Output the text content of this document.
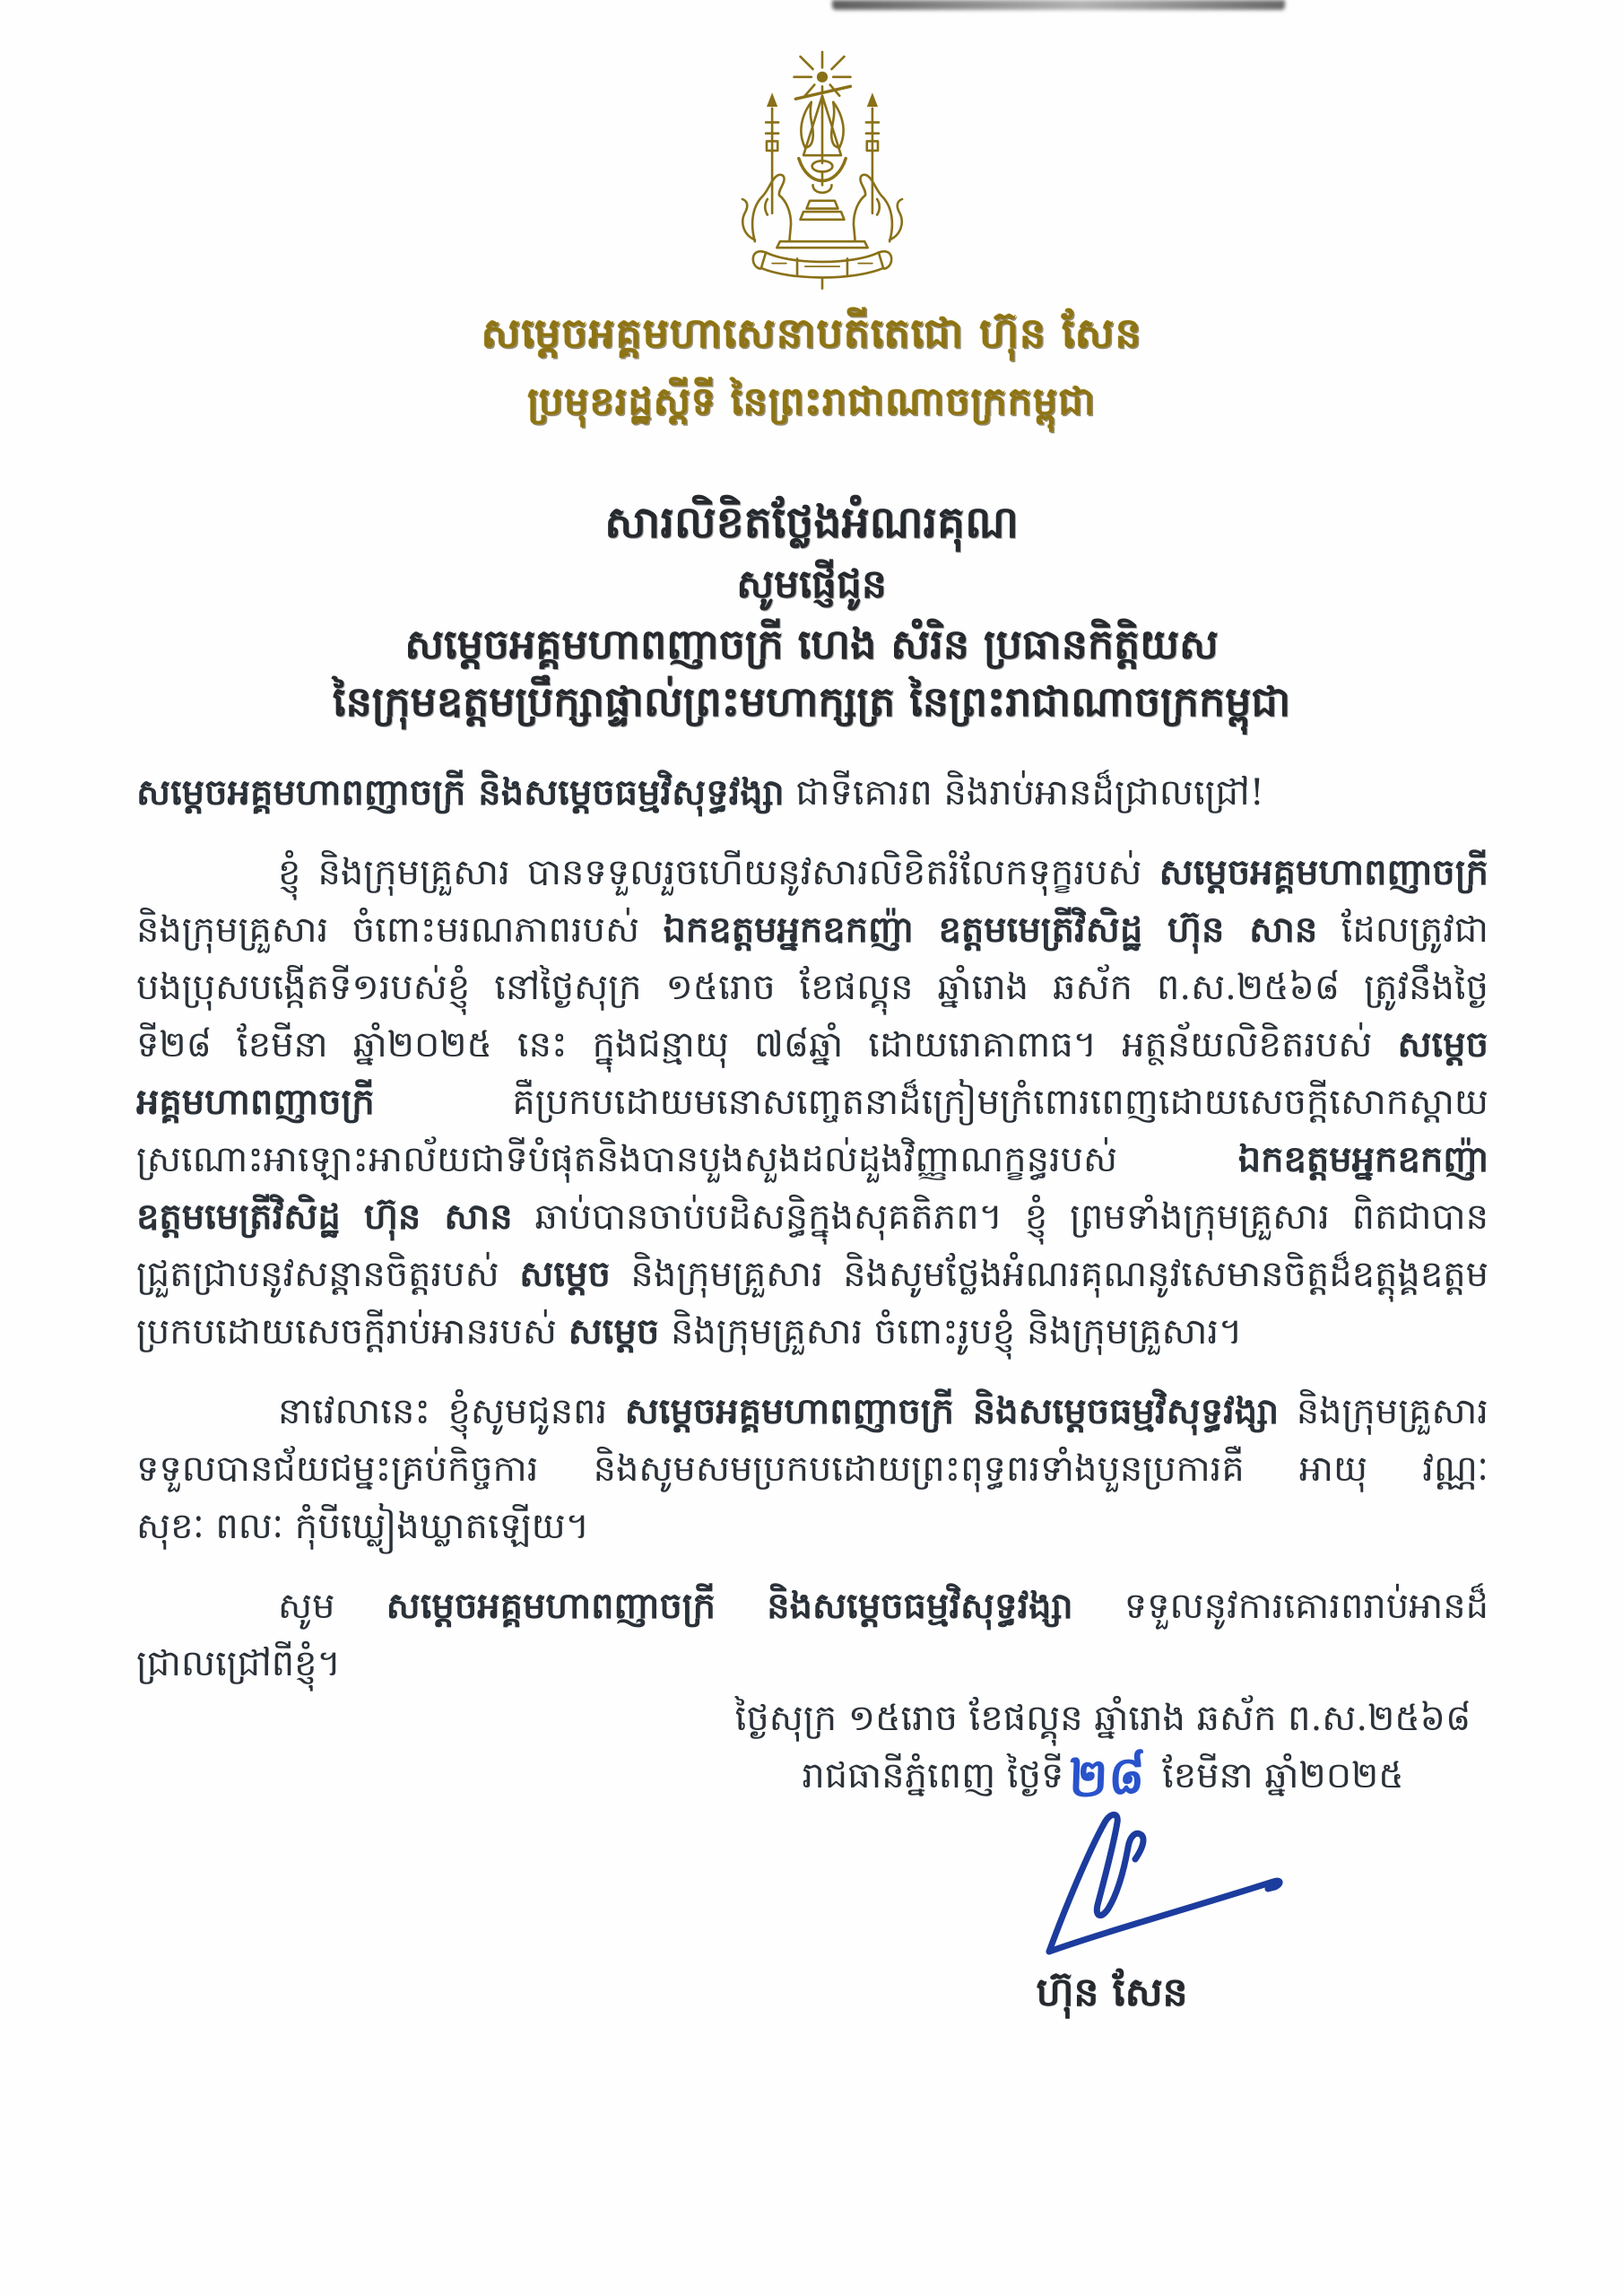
សម្តេចអគ្គមហាសេនាបតីតេជោ ហ៊ុន សែន
ប្រមុខរដ្ឋស្តីទី នៃព្រះរាជាណាចក្រកម្ពុជា
សារលិខិតថ្លែងអំណរគុណ
សូមផ្ញើជូន
សម្តេចអគ្គមហាពញាចក្រី ហេង សំរិន ប្រធានកិត្តិយស
នៃក្រុមឧត្តមប្រឹក្សាផ្ទាល់ព្រះមហាក្សត្រ នៃព្រះរាជាណាចក្រកម្ពុជា
សម្តេចអគ្គមហាពញាចក្រី និងសម្តេចធម្មវិសុទ្ធវង្សា ជាទីគោរព និងរាប់អានដ៏ជ្រាលជ្រៅ!
ខ្ញុំ និងក្រុមគ្រួសារ បានទទួលរួចហើយនូវសារលិខិតរំលែកទុក្ខរបស់ សម្តេចអគ្គមហាពញាចក្រី
និងក្រុមគ្រួសារ ចំពោះមរណភាពរបស់ ឯកឧត្តមអ្នកឧកញ៉ា ឧត្តមមេត្រីវិសិដ្ឋ ហ៊ុន សាន ដែលត្រូវជា
បងប្រុសបង្កើតទី១របស់ខ្ញុំ នៅថ្ងៃសុក្រ ១៥រោច ខែផល្គុន ឆ្នាំរោង ឆស័ក ព.ស.២៥៦៨ ត្រូវនឹងថ្ងៃ
ទី២៨ ខែមីនា ឆ្នាំ២០២៥ នេះ ក្នុងជន្មាយុ ៧៨ឆ្នាំ ដោយរោគាពាធ។ អត្ថន័យលិខិតរបស់ សម្តេច
អគ្គមហាពញាចក្រី  គឺប្រកបដោយមនោសញ្ចេតនាដ៏ក្រៀមក្រំពោរពេញដោយសេចក្តីសោកស្តាយ
ស្រណោះអាឡោះអាល័យជាទីបំផុតនិងបានបួងសួងដល់ដួងវិញ្ញាណក្ខន្ធរបស់ ឯកឧត្តមអ្នកឧកញ៉ា
ឧត្តមមេត្រីវិសិដ្ឋ ហ៊ុន សាន ឆាប់បានចាប់បដិសន្ធិក្នុងសុគតិភព។ ខ្ញុំ ព្រមទាំងក្រុមគ្រួសារ ពិតជាបាន
ជ្រួតជ្រាបនូវសន្តានចិត្តរបស់ សម្តេច និងក្រុមគ្រួសារ និងសូមថ្លែងអំណរគុណនូវសេមានចិត្តដ៏ឧត្តុង្គឧត្តម
ប្រកបដោយសេចក្តីរាប់អានរបស់ សម្តេច និងក្រុមគ្រួសារ ចំពោះរូបខ្ញុំ និងក្រុមគ្រួសារ។
នាវេលានេះ ខ្ញុំសូមជូនពរ សម្តេចអគ្គមហាពញាចក្រី និងសម្តេចធម្មវិសុទ្ធវង្សា និងក្រុមគ្រួសារ
ទទួលបានជ័យជម្នះគ្រប់កិច្ចការ និងសូមសមប្រកបដោយព្រះពុទ្ធពរទាំងបួនប្រការគឺ អាយុ វណ្ណៈ
សុខៈ ពលៈ កុំបីឃ្លៀងឃ្លាតឡើយ។
សូម  សម្តេចអគ្គមហាពញាចក្រី និងសម្តេចធម្មវិសុទ្ធវង្សា  ទទួលនូវការគោរពរាប់អានដ៏
ជ្រាលជ្រៅពីខ្ញុំ។
ថ្ងៃសុក្រ ១៥រោច ខែផល្គុន ឆ្នាំរោង ឆស័ក ព.ស.២៥៦៨
រាជធានីភ្នំពេញ ថ្ងៃទី២៨ ខែមីនា ឆ្នាំ២០២៥
ហ៊ុន សែន
